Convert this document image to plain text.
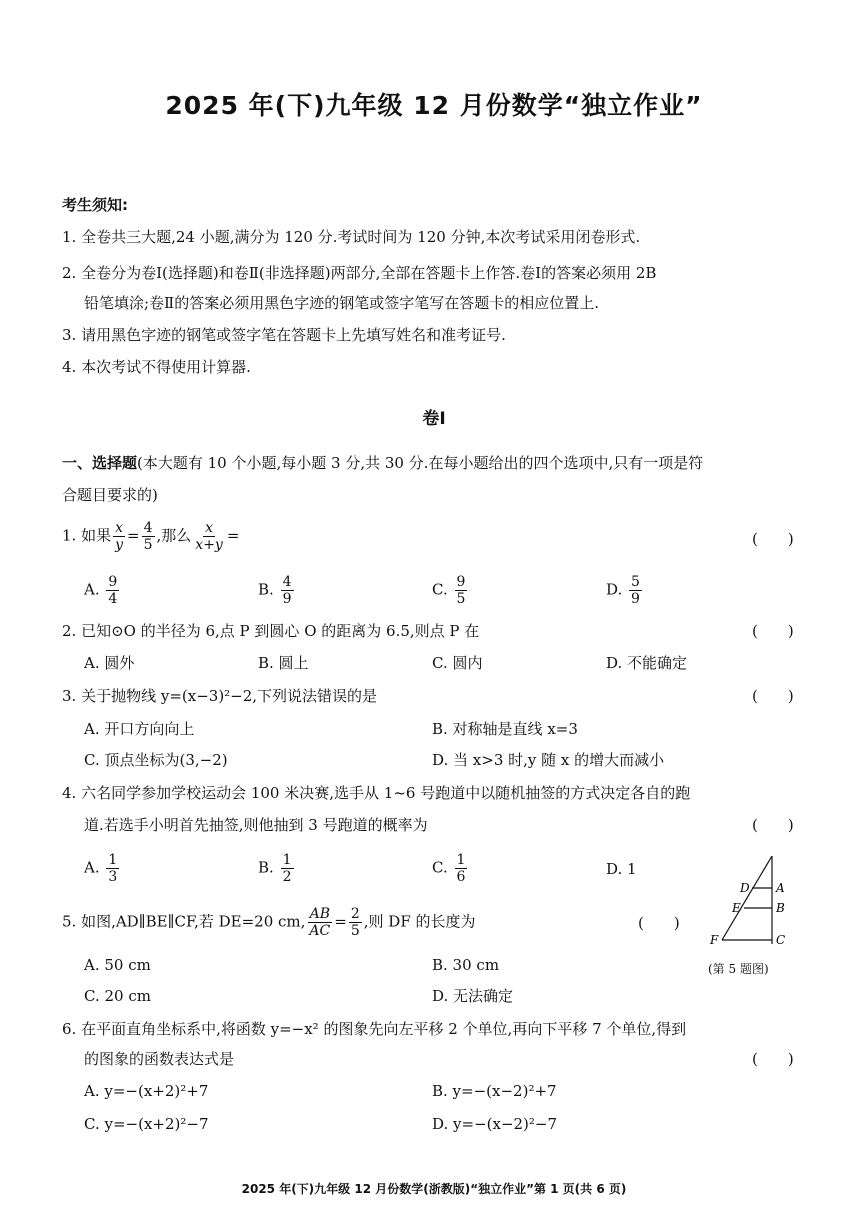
2025 年(下)九年级 12 月份数学“独立作业”
考生须知:
1. 全卷共三大题,24 小题,满分为 120 分.考试时间为 120 分钟,本次考试采用闭卷形式.
2. 全卷分为卷Ⅰ(选择题)和卷Ⅱ(非选择题)两部分,全部在答题卡上作答.卷Ⅰ的答案必须用 2B
铅笔填涂;卷Ⅱ的答案必须用黑色字迹的钢笔或签字笔写在答题卡的相应位置上.
3. 请用黑色字迹的钢笔或签字笔在答题卡上先填写姓名和准考证号.
4. 本次考试不得使用计算器.
卷Ⅰ
一、选择题(本大题有 10 个小题,每小题 3 分,共 30 分.在每小题给出的四个选项中,只有一项是符
合题目要求的)
1. 如果 $\frac{x}{y} = \frac{4}{5}$ ,那么 $\frac{x}{x+y}$ =	(　　)
A. $\frac{9}{4}$	B. $\frac{4}{9}$	C. $\frac{9}{5}$	D. $\frac{5}{9}$
2. 已知⊙O 的半径为 6,点 P 到圆心 O 的距离为 6.5,则点 P 在	(　　)
A. 圆外	B. 圆上	C. 圆内	D. 不能确定
3. 关于抛物线 y=(x−3)²−2,下列说法错误的是	(　　)
A. 开口方向向上	B. 对称轴是直线 x=3
C. 顶点坐标为(3,−2)	D. 当 x>3 时,y 随 x 的增大而减小
4. 六名同学参加学校运动会 100 米决赛,选手从 1~6 号跑道中以随机抽签的方式决定各自的跑
道.若选手小明首先抽签,则他抽到 3 号跑道的概率为	(　　)
A. $\frac{1}{3}$	B. $\frac{1}{2}$	C. $\frac{1}{6}$	D. 1
5. 如图,AD∥BE∥CF,若 DE=20 cm, $\frac{AB}{AC} = \frac{2}{5}$ ,则 DF 的长度为	(　　)
D A
E	B
F	C
(第 5 题图)
A. 50 cm	B. 30 cm
C. 20 cm	D. 无法确定
6. 在平面直角坐标系中,将函数 y=−x² 的图象先向左平移 2 个单位,再向下平移 7 个单位,得到
的图象的函数表达式是	(　　)
A. y=−(x+2)²+7	B. y=−(x−2)²+7
C. y=−(x+2)²−7	D. y=−(x−2)²−7
2025 年(下)九年级 12 月份数学(浙教版)“独立作业”第 1 页(共 6 页)
